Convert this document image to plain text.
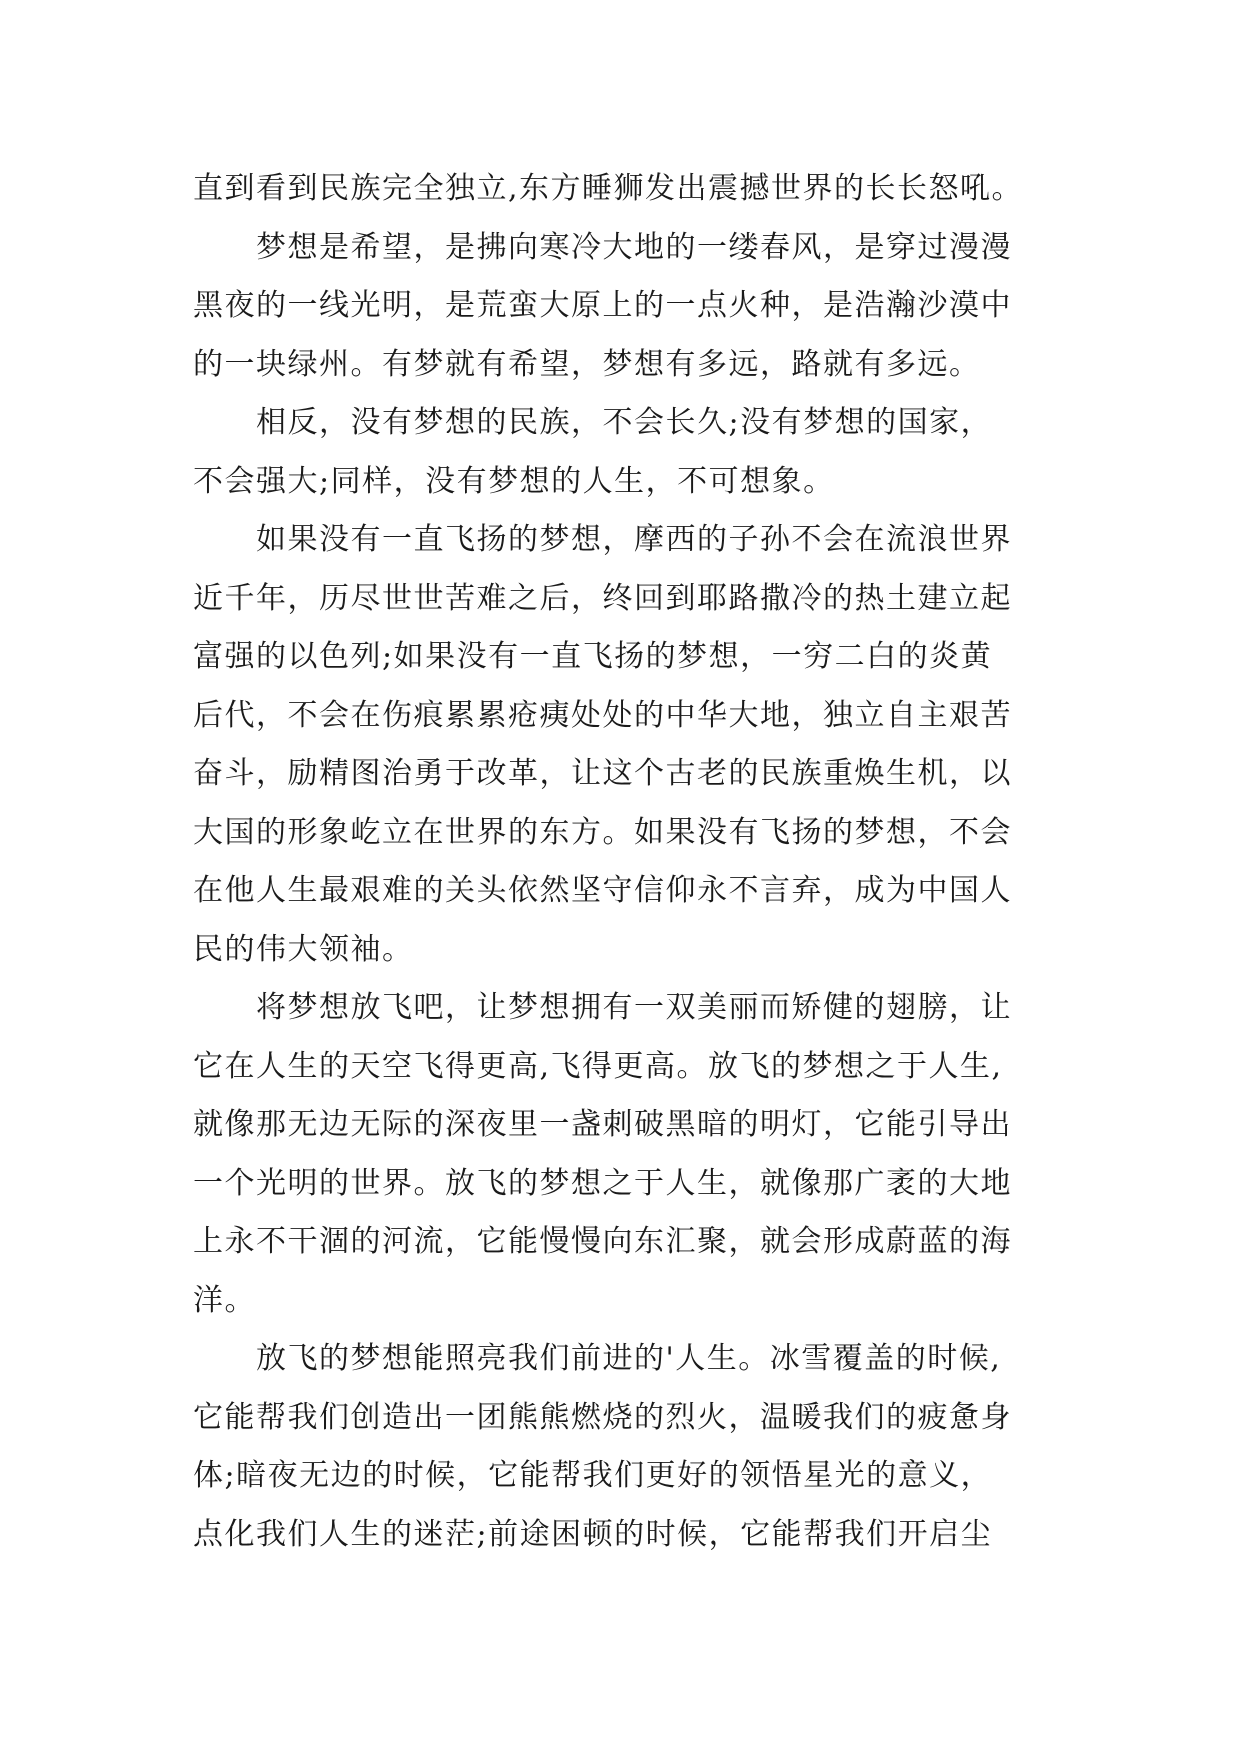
直到看到民族完全独立,东方睡狮发出震撼世界的长长怒吼。
梦想是希望，是拂向寒冷大地的一缕春风，是穿过漫漫
黑夜的一线光明，是荒蛮大原上的一点火种，是浩瀚沙漠中
的一块绿州。有梦就有希望，梦想有多远，路就有多远。
相反，没有梦想的民族，不会长久;没有梦想的国家，
不会强大;同样，没有梦想的人生，不可想象。
如果没有一直飞扬的梦想，摩西的子孙不会在流浪世界
近千年，历尽世世苦难之后，终回到耶路撒冷的热土建立起
富强的以色列;如果没有一直飞扬的梦想，一穷二白的炎黄
后代，不会在伤痕累累疮痍处处的中华大地，独立自主艰苦
奋斗，励精图治勇于改革，让这个古老的民族重焕生机，以
大国的形象屹立在世界的东方。如果没有飞扬的梦想，不会
在他人生最艰难的关头依然坚守信仰永不言弃，成为中国人
民的伟大领袖。
将梦想放飞吧，让梦想拥有一双美丽而矫健的翅膀，让
它在人生的天空飞得更高,飞得更高。放飞的梦想之于人生,
就像那无边无际的深夜里一盏刺破黑暗的明灯，它能引导出
一个光明的世界。放飞的梦想之于人生，就像那广袤的大地
上永不干涸的河流，它能慢慢向东汇聚，就会形成蔚蓝的海
洋。
放飞的梦想能照亮我们前进的'人生。冰雪覆盖的时候,
它能帮我们创造出一团熊熊燃烧的烈火，温暖我们的疲惫身
体;暗夜无边的时候，它能帮我们更好的领悟星光的意义，
点化我们人生的迷茫;前途困顿的时候，它能帮我们开启尘
